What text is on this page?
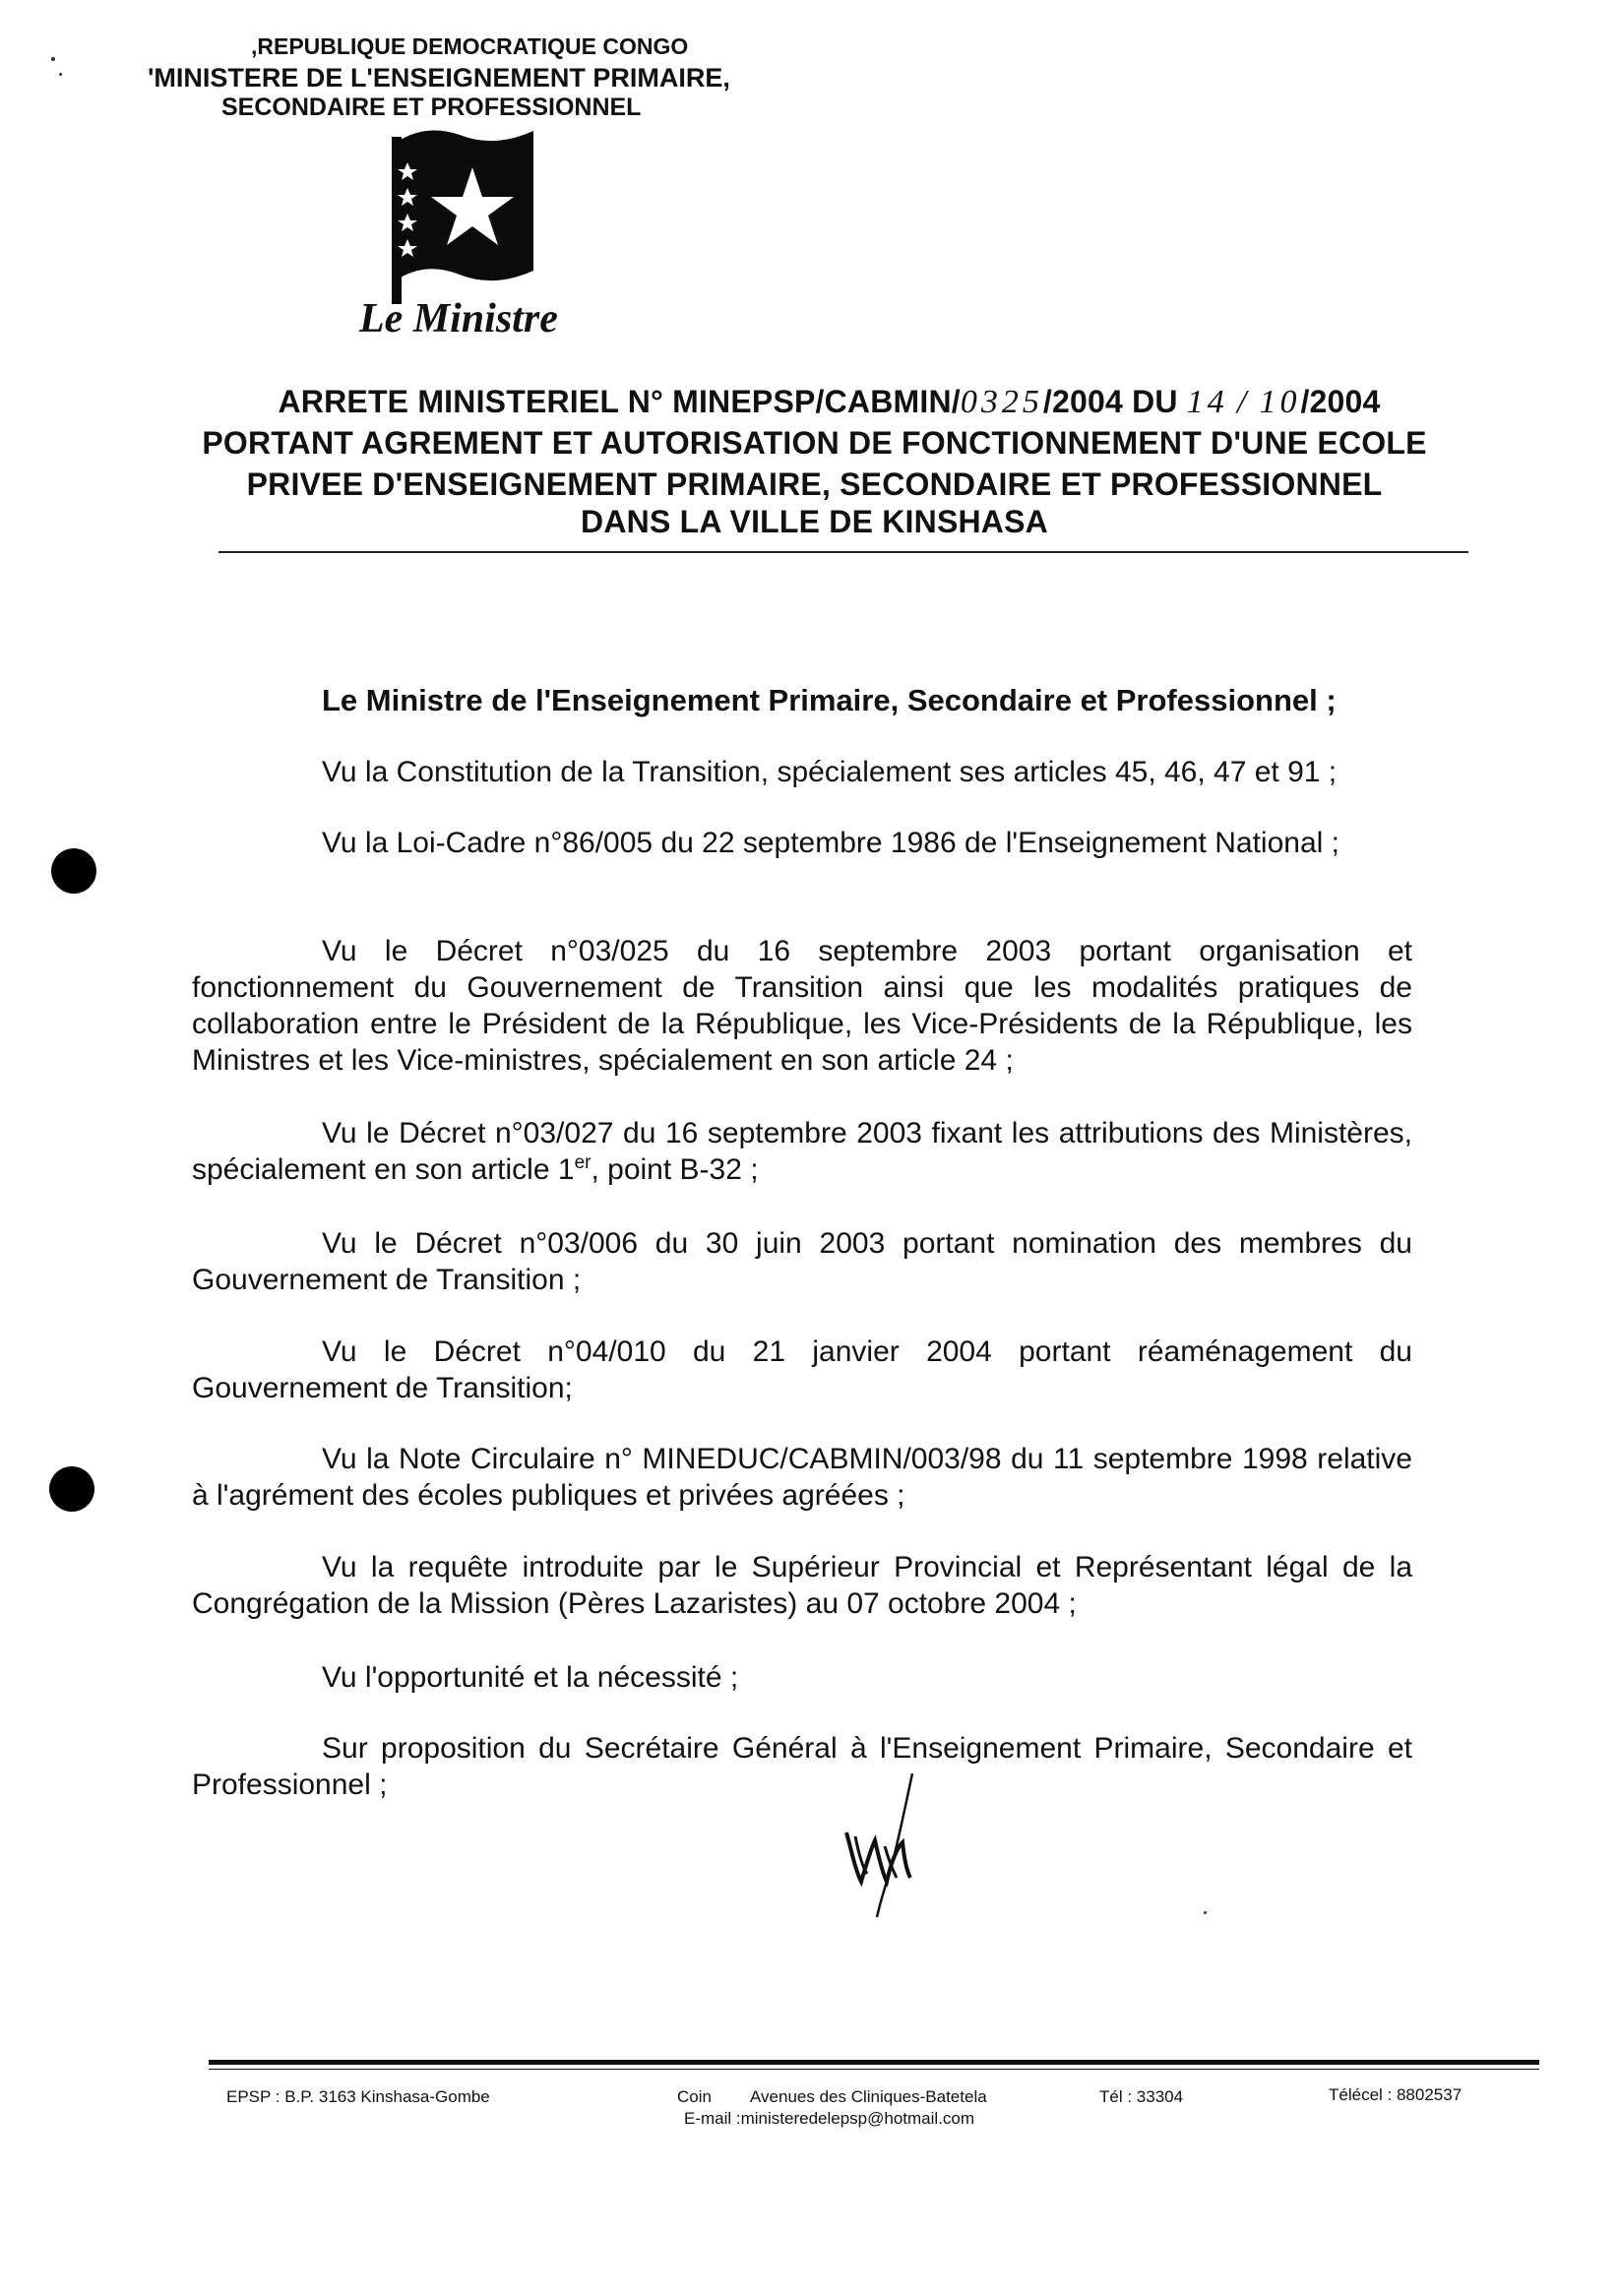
,REPUBLIQUE DEMOCRATIQUE CONGO
'MINISTERE DE L'ENSEIGNEMENT PRIMAIRE,
SECONDAIRE ET PROFESSIONNEL
Le Ministre
ARRETE MINISTERIEL N° MINEPSP/CABMIN/0325/2004 DU 14 / 10/2004
PORTANT AGREMENT ET AUTORISATION DE FONCTIONNEMENT D'UNE ECOLE
PRIVEE D'ENSEIGNEMENT PRIMAIRE, SECONDAIRE ET PROFESSIONNEL
DANS LA VILLE DE KINSHASA
Le Ministre de l'Enseignement Primaire, Secondaire et Professionnel ;
Vu la Constitution de la Transition, spécialement ses articles 45, 46, 47 et 91 ;
Vu la Loi-Cadre n°86/005 du 22 septembre 1986 de l'Enseignement National ;
Vu le Décret n°03/025 du 16 septembre 2003 portant organisation et fonctionnement du Gouvernement de Transition ainsi que les modalités pratiques de collaboration entre le Président de la République, les Vice-Présidents de la République, les Ministres et les Vice-ministres, spécialement en son article 24 ;
Vu le Décret n°03/027 du 16 septembre 2003 fixant les attributions des Ministères, spécialement en son article 1er, point B-32 ;
Vu le Décret n°03/006 du 30 juin 2003 portant nomination des membres du Gouvernement de Transition ;
Vu le Décret n°04/010 du 21 janvier 2004 portant réaménagement du Gouvernement de Transition;
Vu la Note Circulaire n° MINEDUC/CABMIN/003/98 du 11 septembre 1998 relative à l'agrément des écoles publiques et privées agréées ;
Vu la requête introduite par le Supérieur Provincial et Représentant légal de la Congrégation de la Mission (Pères Lazaristes) au 07 octobre 2004 ;
Vu l'opportunité et la nécessité ;
Sur proposition du Secrétaire Général à l'Enseignement Primaire, Secondaire et Professionnel ;
EPSP : B.P. 3163 Kinshasa-Gombe	Coin Avenues des Cliniques-Batetela
E-mail :ministeredelepsp@hotmail.com
Tél : 33304	Télécel : 8802537
